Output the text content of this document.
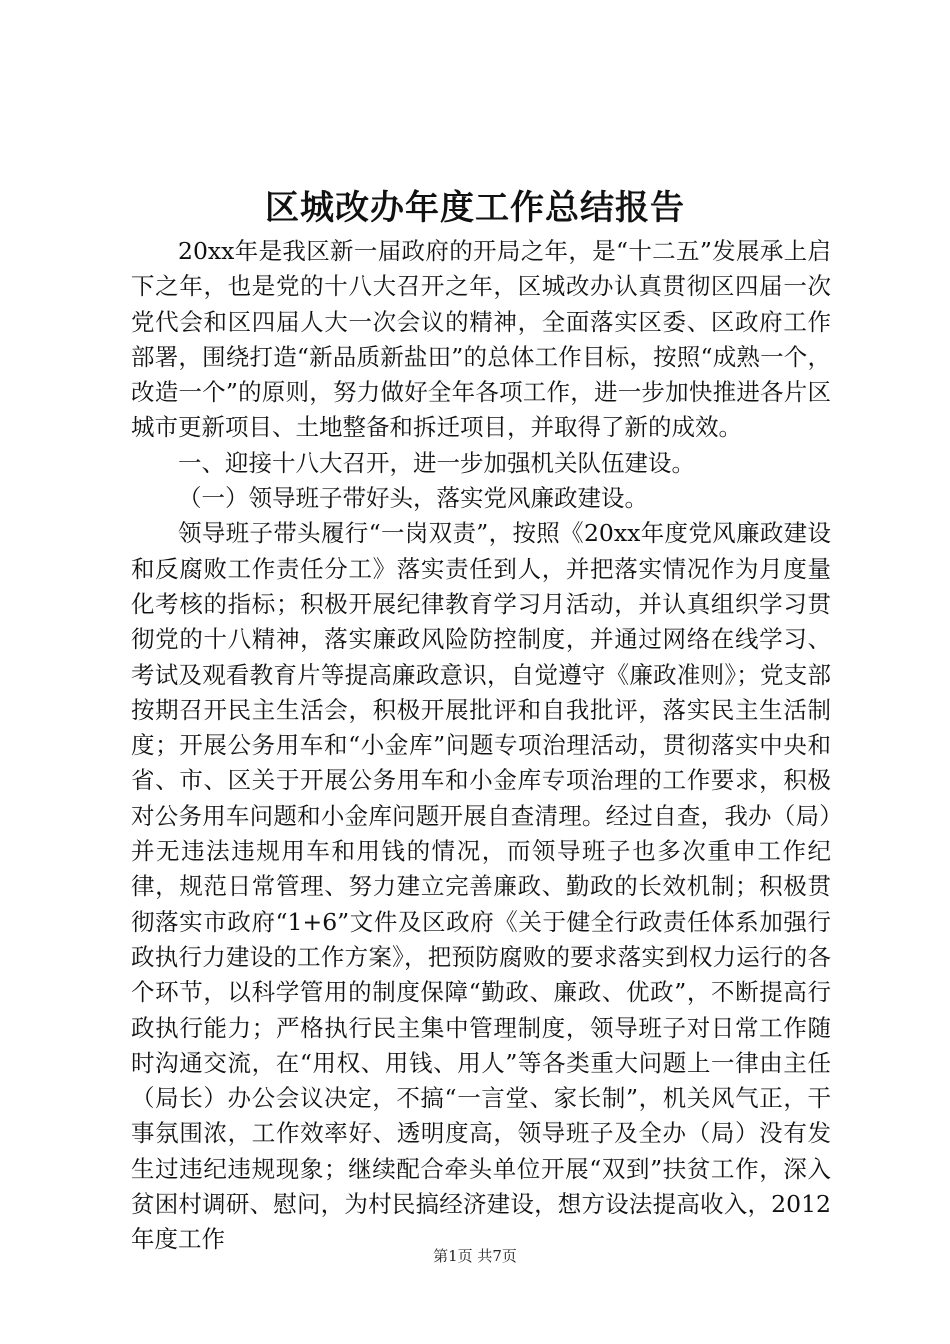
区城改办年度工作总结报告

20xx年是我区新一届政府的开局之年，是“十二五”发展承上启下之年，也是党的十八大召开之年，区城改办认真贯彻区四届一次党代会和区四届人大一次会议的精神，全面落实区委、区政府工作部署，围绕打造“新品质新盐田”的总体工作目标，按照“成熟一个，改造一个”的原则，努力做好全年各项工作，进一步加快推进各片区城市更新项目、土地整备和拆迁项目，并取得了新的成效。

一、迎接十八大召开，进一步加强机关队伍建设。

（一）领导班子带好头，落实党风廉政建设。

领导班子带头履行“一岗双责”，按照《20xx年度党风廉政建设和反腐败工作责任分工》落实责任到人，并把落实情况作为月度量化考核的指标；积极开展纪律教育学习月活动，并认真组织学习贯彻党的十八精神，落实廉政风险防控制度，并通过网络在线学习、考试及观看教育片等提高廉政意识，自觉遵守《廉政准则》；党支部按期召开民主生活会，积极开展批评和自我批评，落实民主生活制度；开展公务用车和“小金库”问题专项治理活动，贯彻落实中央和省、市、区关于开展公务用车和小金库专项治理的工作要求，积极对公务用车问题和小金库问题开展自查清理。经过自查，我办（局）并无违法违规用车和用钱的情况，而领导班子也多次重申工作纪律，规范日常管理、努力建立完善廉政、勤政的长效机制；积极贯彻落实市政府“1+6”文件及区政府《关于健全行政责任体系加强行政执行力建设的工作方案》，把预防腐败的要求落实到权力运行的各个环节，以科学管用的制度保障“勤政、廉政、优政”，不断提高行政执行能力；严格执行民主集中管理制度，领导班子对日常工作随时沟通交流，在“用权、用钱、用人”等各类重大问题上一律由主任（局长）办公会议决定，不搞“一言堂、家长制”，机关风气正，干事氛围浓，工作效率好、透明度高，领导班子及全办（局）没有发生过违纪违规现象；继续配合牵头单位开展“双到”扶贫工作，深入贫困村调研、慰问，为村民搞经济建设，想方设法提高收入，2012年度工作

第1页 共7页
